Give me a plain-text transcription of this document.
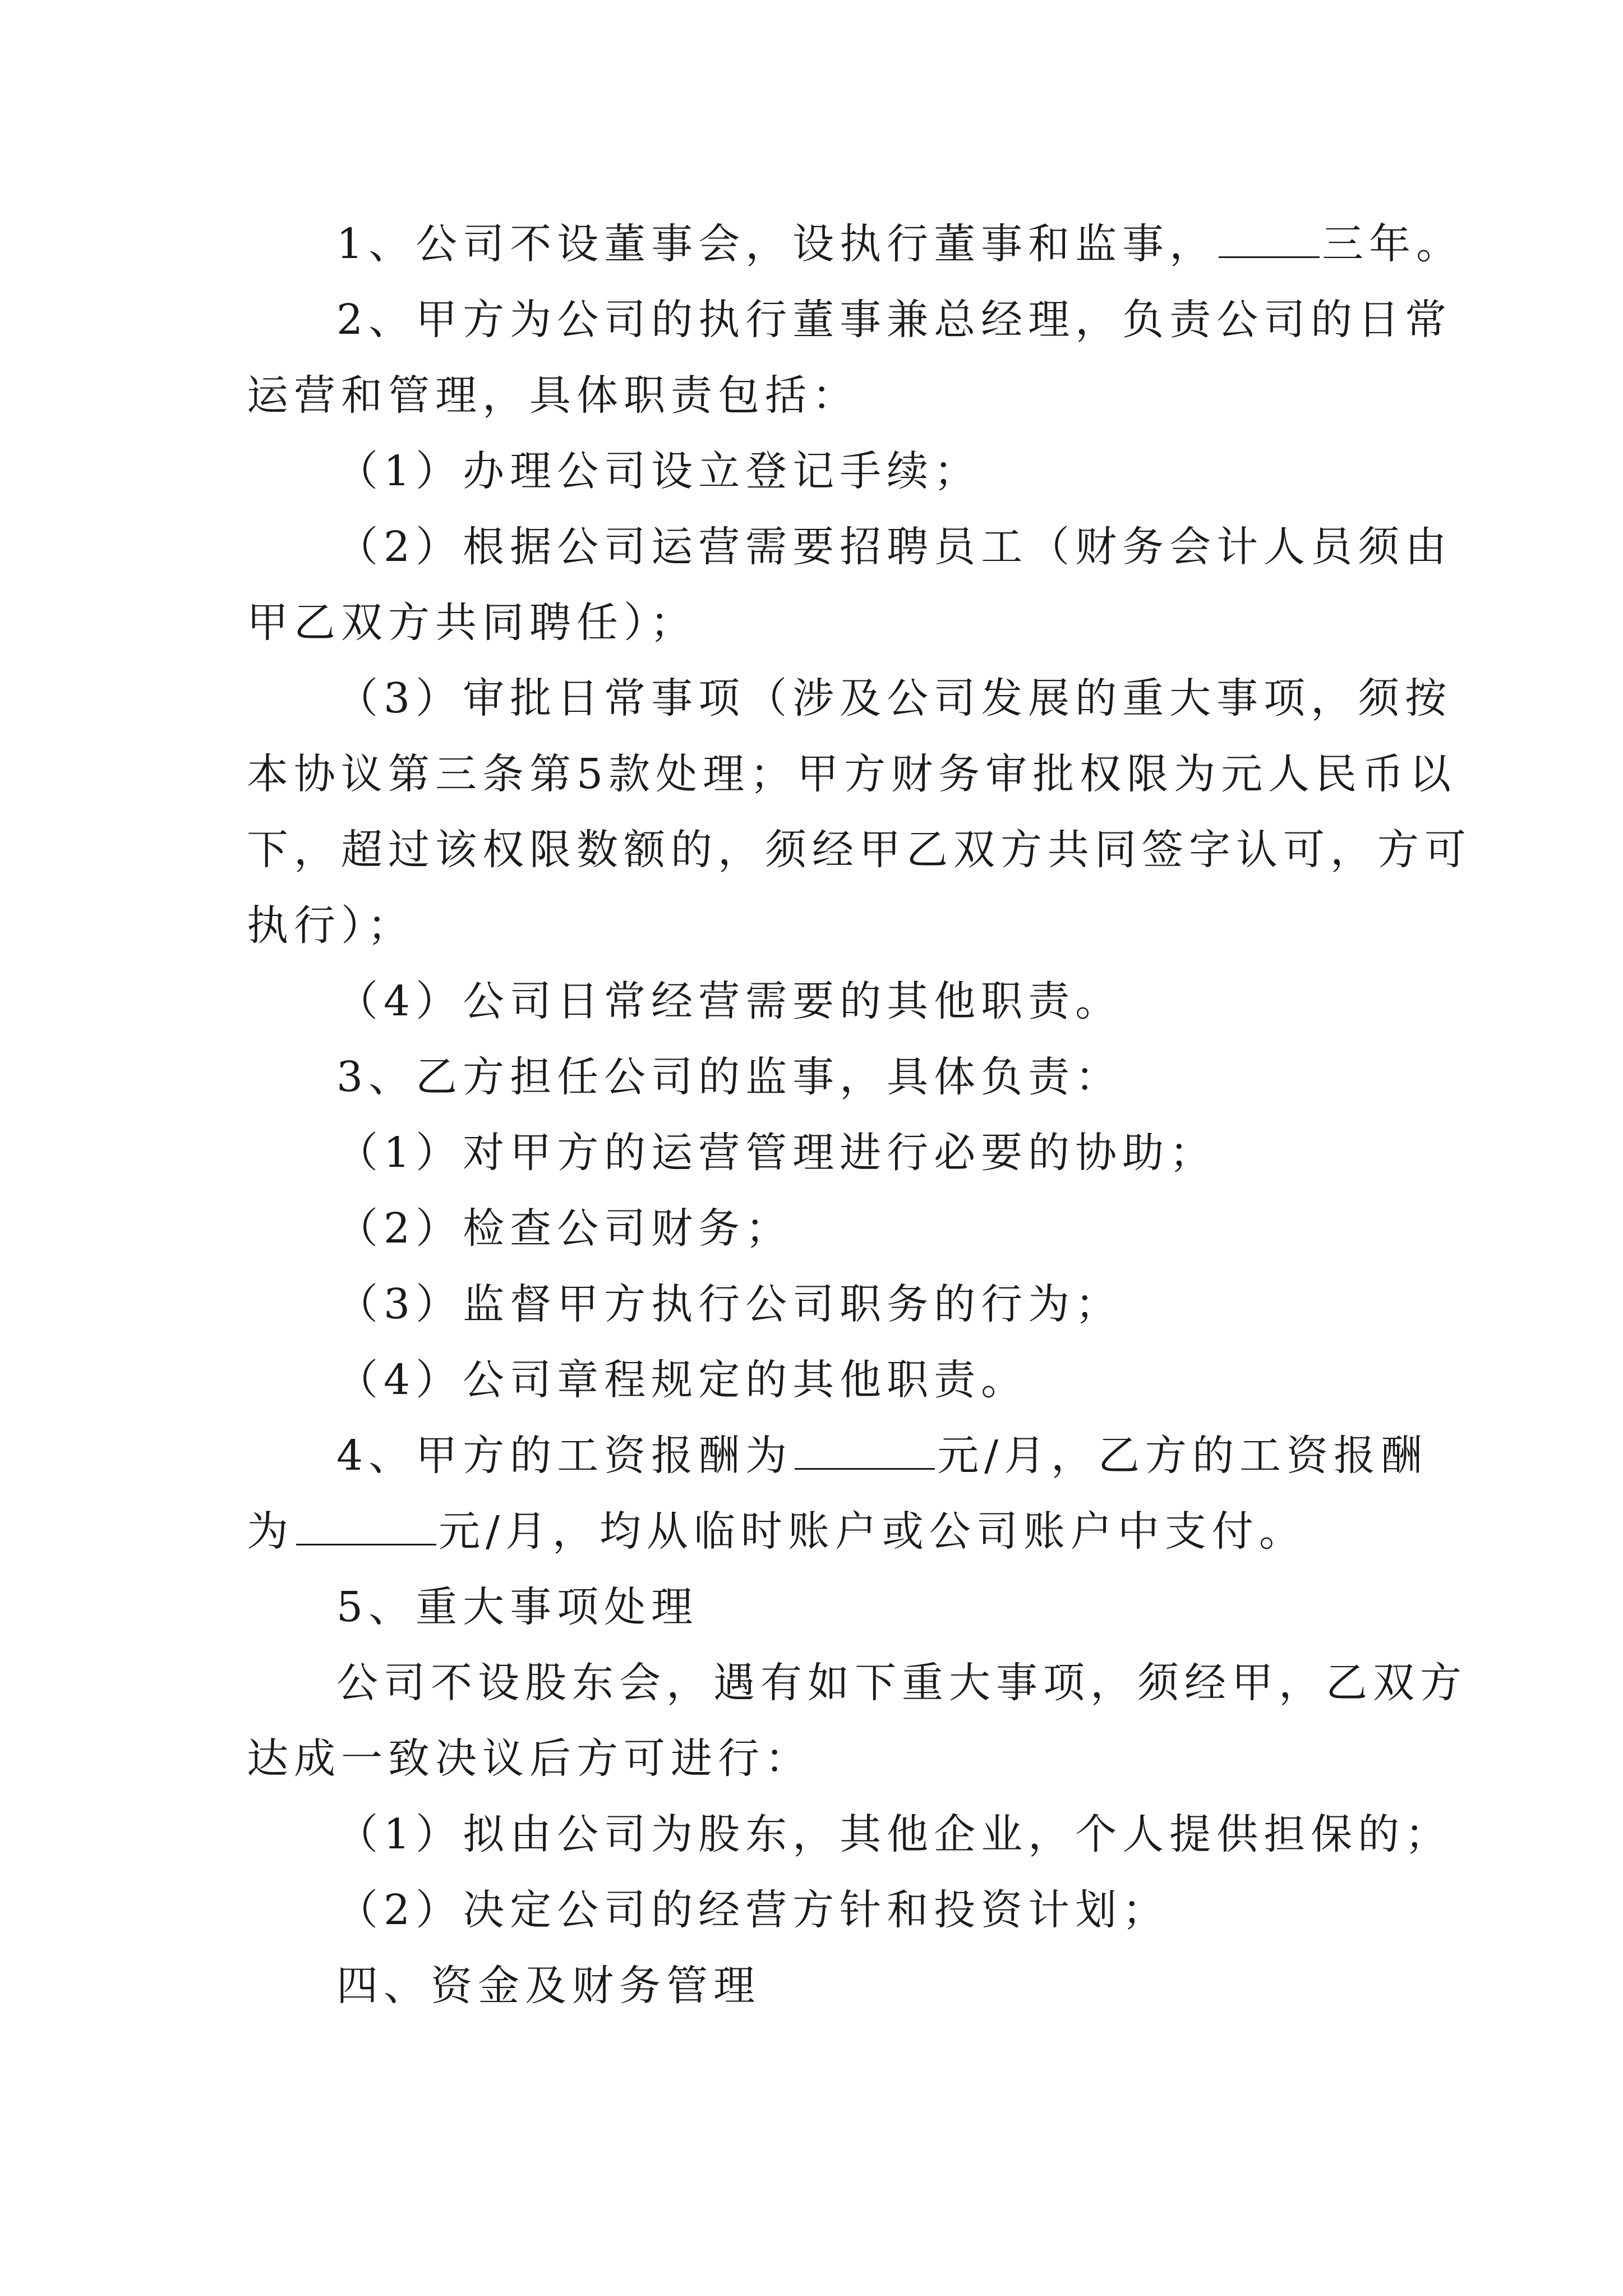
1、公司不设董事会，设执行董事和监事，	三年。
2、甲方为公司的执行董事兼总经理，负责公司的日常
运营和管理，具体职责包括：
（1）办理公司设立登记手续；
（2）根据公司运营需要招聘员工（财务会计人员须由
甲乙双方共同聘任）；
（3）审批日常事项（涉及公司发展的重大事项，须按
本协议第三条第5款处理；甲方财务审批权限为元人民币以
下，超过该权限数额的，须经甲乙双方共同签字认可，方可
执行）；
（4）公司日常经营需要的其他职责。
3、乙方担任公司的监事，具体负责：
（1）对甲方的运营管理进行必要的协助；
（2）检查公司财务；
（3）监督甲方执行公司职务的行为；
（4）公司章程规定的其他职责。
4、甲方的工资报酬为	元/月，乙方的工资报酬
为	元/月，均从临时账户或公司账户中支付。
5、重大事项处理
公司不设股东会，遇有如下重大事项，须经甲，乙双方
达成一致决议后方可进行：
（1）拟由公司为股东，其他企业，个人提供担保的；
（2）决定公司的经营方针和投资计划；
四、资金及财务管理
